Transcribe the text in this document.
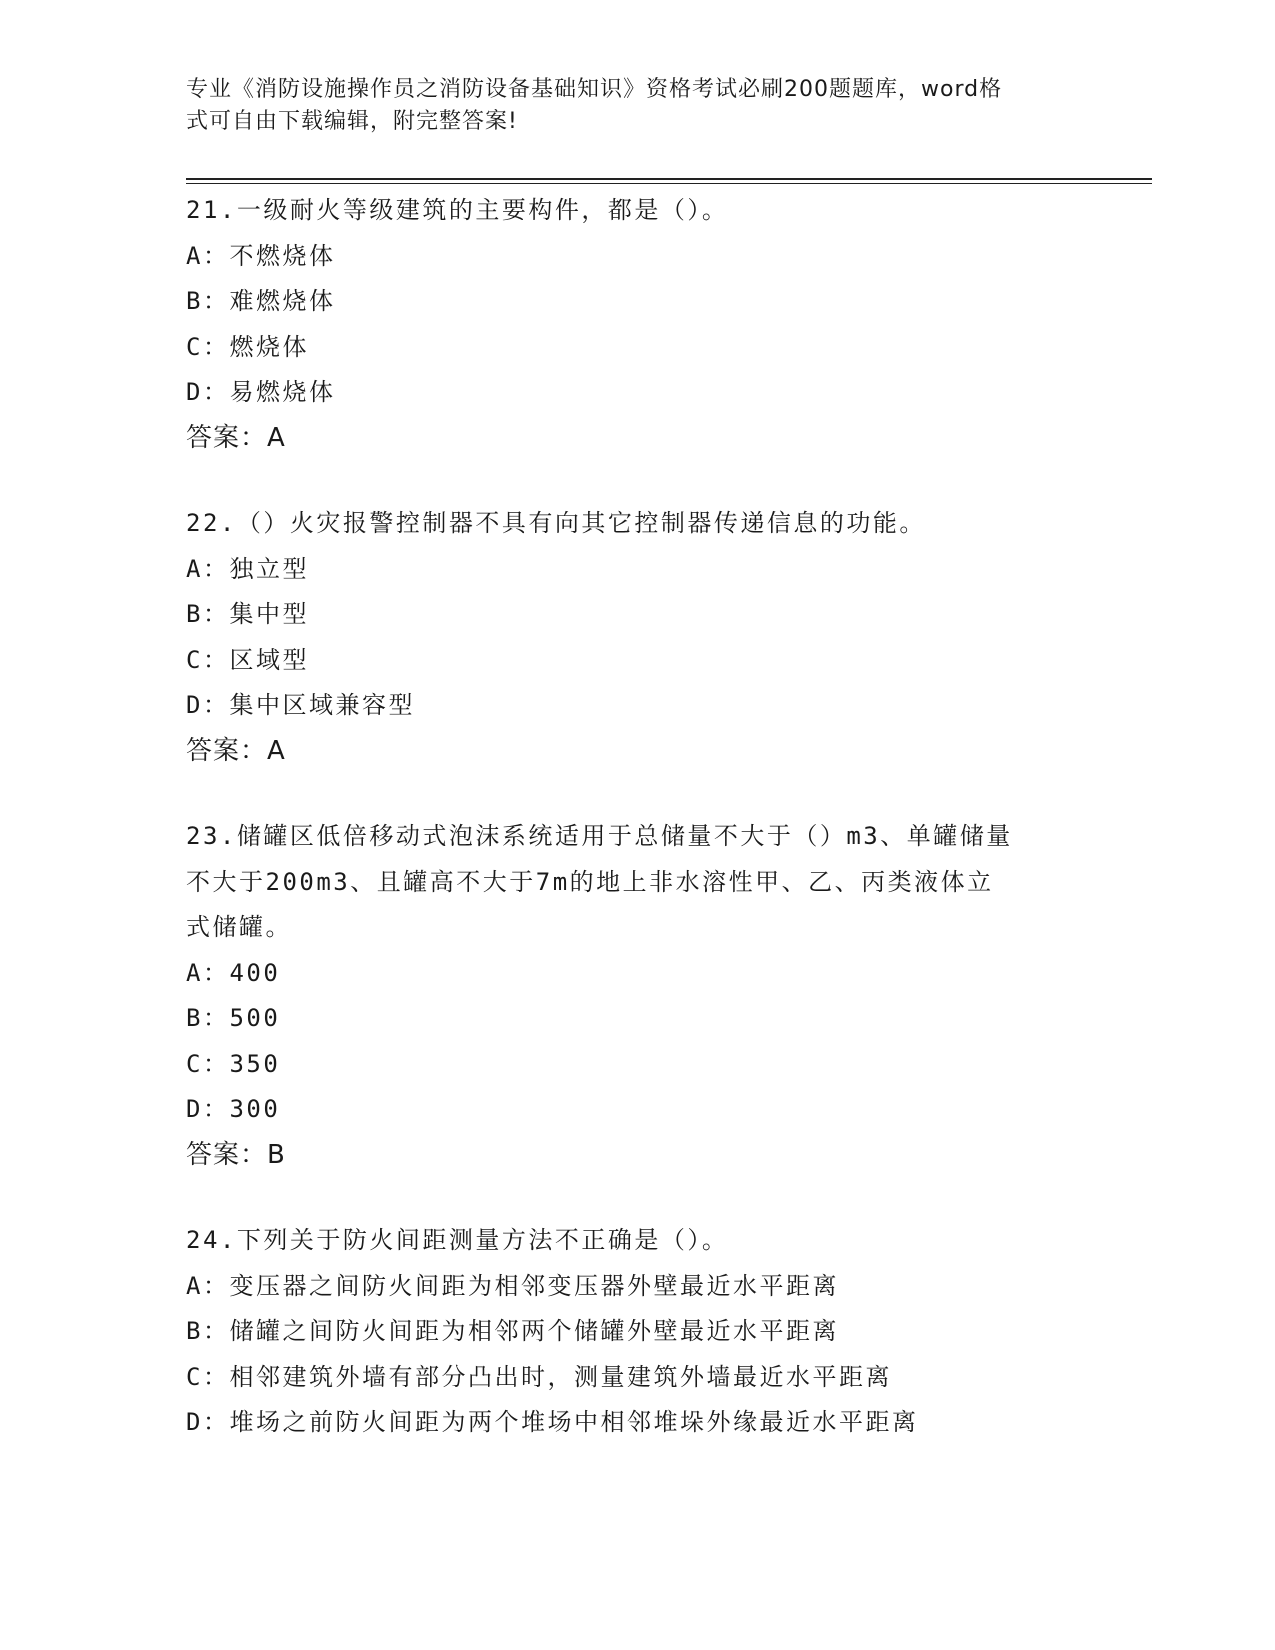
专业《消防设施操作员之消防设备基础知识》资格考试必刷200题题库，word格
式可自由下载编辑，附完整答案!

21.一级耐火等级建筑的主要构件，都是（）。

A：不燃烧体

B：难燃烧体

C：燃烧体

D：易燃烧体

答案：A

22.（）火灾报警控制器不具有向其它控制器传递信息的功能。

A：独立型

B：集中型

C：区域型

D：集中区域兼容型

答案：A

23.储罐区低倍移动式泡沫系统适用于总储量不大于（）m3、单罐储量

不大于200m3、且罐高不大于7m的地上非水溶性甲、乙、丙类液体立

式储罐。

A：400

B：500

C：350

D：300

答案：B

24.下列关于防火间距测量方法不正确是（）。

A：变压器之间防火间距为相邻变压器外壁最近水平距离

B：储罐之间防火间距为相邻两个储罐外壁最近水平距离

C：相邻建筑外墙有部分凸出时，测量建筑外墙最近水平距离

D：堆场之前防火间距为两个堆场中相邻堆垛外缘最近水平距离
